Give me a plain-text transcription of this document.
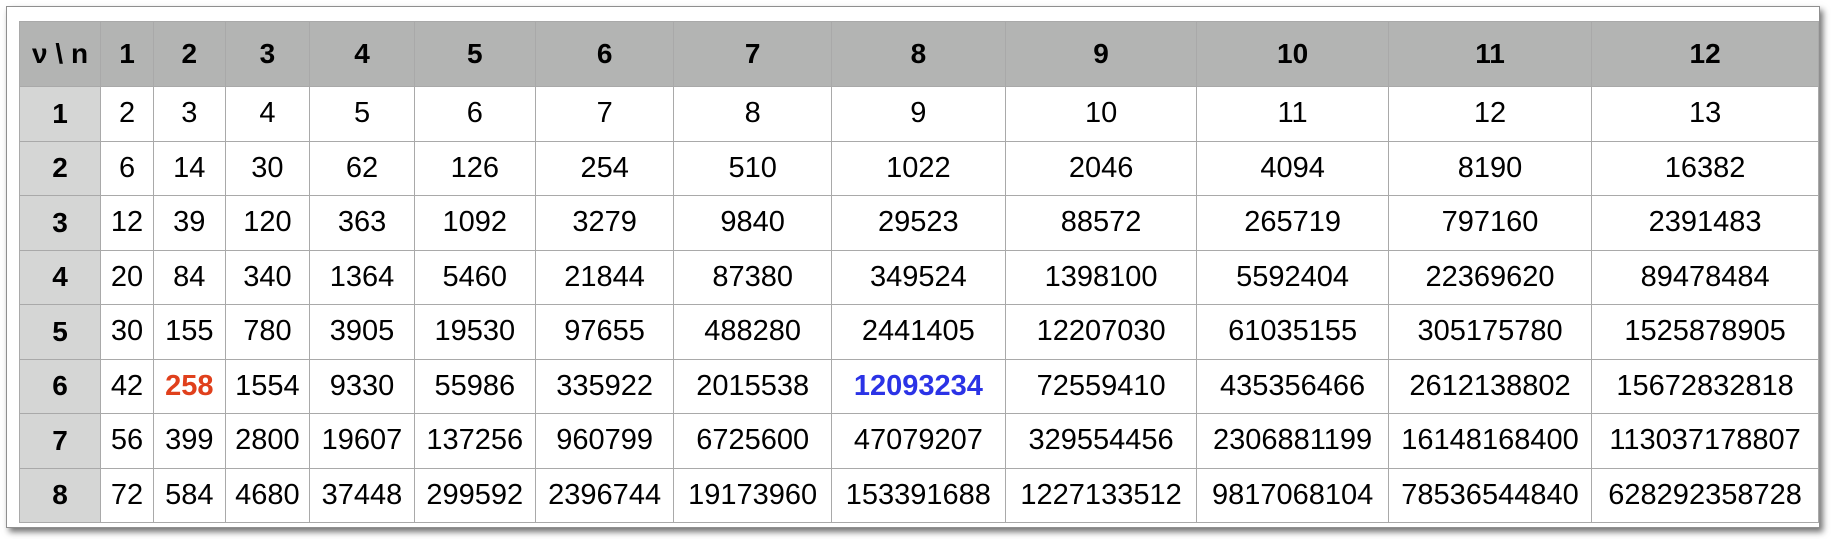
ν \ n	1	2	3	4	5	6	7	8	9	10	11	12
1	2	3	4	5	6	7	8	9	10	11	12	13
2	6	14	30	62	126	254	510	1022	2046	4094	8190	16382
3	12	39	120	363	1092	3279	9840	29523	88572	265719	797160	2391483
4	20	84	340	1364	5460	21844	87380	349524	1398100	5592404	22369620	89478484
5	30	155	780	3905	19530	97655	488280	2441405	12207030	61035155	305175780	1525878905
6	42	258	1554	9330	55986	335922	2015538	12093234	72559410	435356466	2612138802	15672832818
7	56	399	2800	19607	137256	960799	6725600	47079207	329554456	2306881199	16148168400	113037178807
8	72	584	4680	37448	299592	2396744	19173960	153391688	1227133512	9817068104	78536544840	628292358728
